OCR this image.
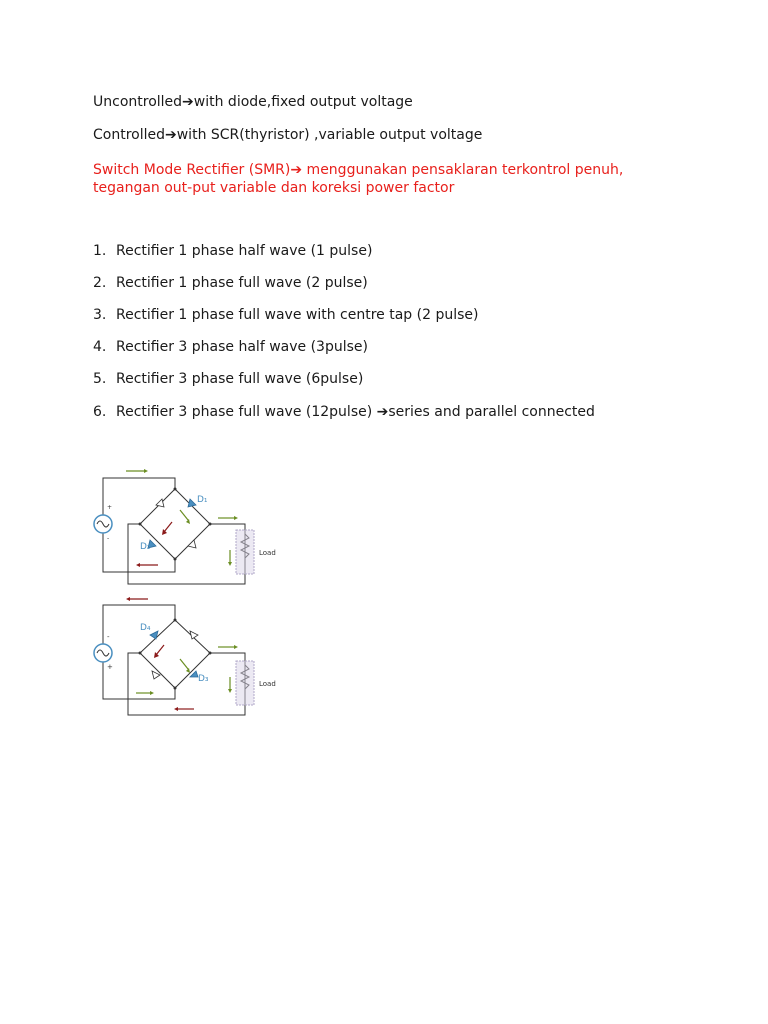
Uncontrolled➔with diode,fixed output voltage
Controlled➔with SCR(thyristor) ,variable output voltage
Switch Mode Rectifier (SMR)➔ menggunakan pensaklaran terkontrol penuh,
tegangan out-put variable dan koreksi power factor
1. Rectifier 1 phase half wave (1 pulse)
2. Rectifier 1 phase full wave (2 pulse)
3. Rectifier 1 phase full wave with centre tap (2 pulse)
4. Rectifier 3 phase half wave (3pulse)
5. Rectifier 3 phase full wave (6pulse)
6. Rectifier 3 phase full wave (12pulse) ➔series and parallel connected
+
-
D₁
D₂
Load
-
+
D₄
D₃	Load
